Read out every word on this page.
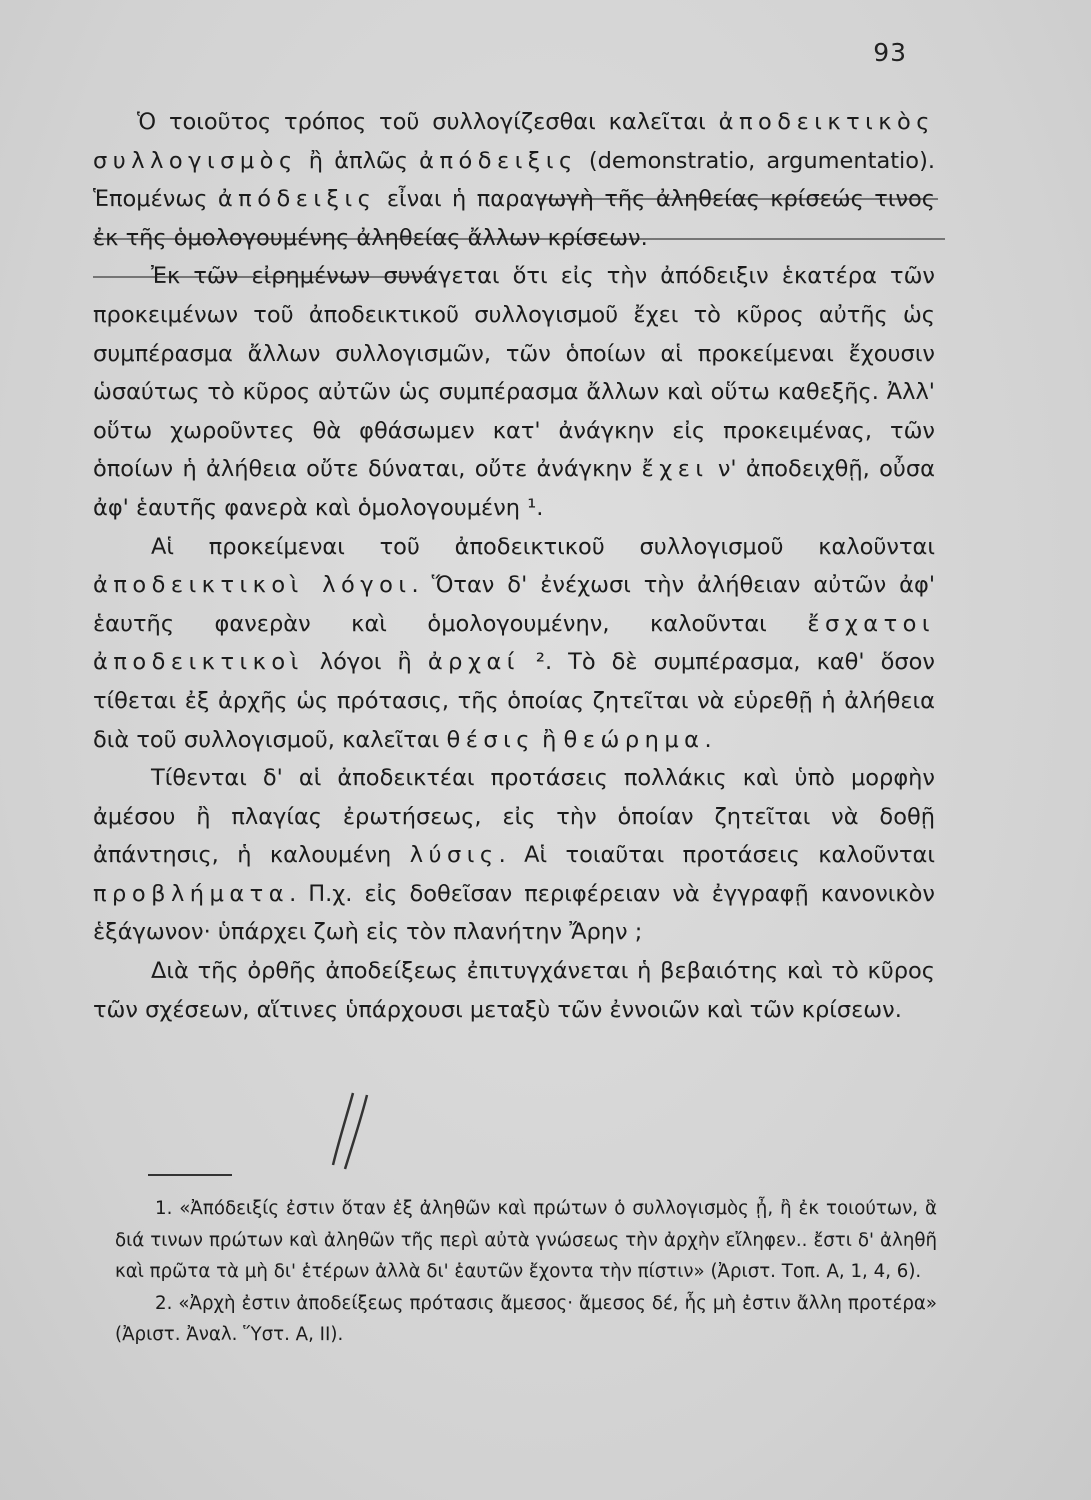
93

Ὁ τοιοῦτος τρόπος τοῦ συλλογίζεσθαι καλεῖται ἀποδεικτικὸς συλλογισμὸς ἢ ἁπλῶς ἀπόδειξις (demonstratio, argumentatio). Ἑπομένως ἀπόδειξις εἶναι ἡ παραγωγὴ τῆς ἀληθείας κρίσεώς τινος ἐκ τῆς ὁμολογουμένης ἀληθείας ἄλλων κρίσεων.

Ἐκ τῶν εἰρημένων συνάγεται ὅτι εἰς τὴν ἀπόδειξιν ἑκατέρα τῶν προκειμένων τοῦ ἀποδεικτικοῦ συλλογισμοῦ ἔχει τὸ κῦρος αὐτῆς ὡς συμπέρασμα ἄλλων συλλογισμῶν, τῶν ὁποίων αἱ προκείμεναι ἔχουσιν ὡσαύτως τὸ κῦρος αὐτῶν ὡς συμπέρασμα ἄλλων καὶ οὕτω καθεξῆς. Ἀλλ' οὕτω χωροῦντες θὰ φθάσωμεν κατ' ἀνάγκην εἰς προκειμένας, τῶν ὁποίων ἡ ἀλήθεια οὔτε δύναται, οὔτε ἀνάγκην ἔχει ν' ἀποδειχθῇ, οὖσα ἀφ' ἑαυτῆς φανερὰ καὶ ὁμολογουμένη ¹.

Αἱ προκείμεναι τοῦ ἀποδεικτικοῦ συλλογισμοῦ καλοῦνται ἀποδεικτικοὶ λόγοι. Ὅταν δ' ἐνέχωσι τὴν ἀλήθειαν αὐτῶν ἀφ' ἑαυτῆς φανερὰν καὶ ὁμολογουμένην, καλοῦνται ἔσχατοι ἀποδεικτικοὶ λόγοι ἢ ἀρχαί ². Τὸ δὲ συμπέρασμα, καθ' ὅσον τίθεται ἐξ ἀρχῆς ὡς πρότασις, τῆς ὁποίας ζητεῖται νὰ εὑρεθῇ ἡ ἀλήθεια διὰ τοῦ συλλογισμοῦ, καλεῖται θέσις ἢ θεώρημα.

Τίθενται δ' αἱ ἀποδεικτέαι προτάσεις πολλάκις καὶ ὑπὸ μορφὴν ἀμέσου ἢ πλαγίας ἐρωτήσεως, εἰς τὴν ὁποίαν ζητεῖται νὰ δοθῇ ἀπάντησις, ἡ καλουμένη λύσις. Αἱ τοιαῦται προτάσεις καλοῦνται προβλήματα. Π.χ. εἰς δοθεῖσαν περιφέρειαν νὰ ἐγγραφῇ κανονικὸν ἑξάγωνον· ὑπάρχει ζωὴ εἰς τὸν πλανήτην Ἄρην ;

Διὰ τῆς ὀρθῆς ἀποδείξεως ἐπιτυγχάνεται ἡ βεβαιότης καὶ τὸ κῦρος τῶν σχέσεων, αἵτινες ὑπάρχουσι μεταξὺ τῶν ἐννοιῶν καὶ τῶν κρίσεων.

1. «Ἀπόδειξίς ἐστιν ὅταν ἐξ ἀληθῶν καὶ πρώτων ὁ συλλογισμὸς ᾖ, ἢ ἐκ τοιούτων, ἃ διά τινων πρώτων καὶ ἀληθῶν τῆς περὶ αὐτὰ γνώσεως τὴν ἀρχὴν εἴληφεν.. ἔστι δ' ἀληθῆ καὶ πρῶτα τὰ μὴ δι' ἑτέρων ἀλλὰ δι' ἑαυτῶν ἔχοντα τὴν πίστιν» (Ἀριστ. Τοπ. Α, 1, 4, 6).

2. «Ἀρχὴ ἐστιν ἀποδείξεως πρότασις ἄμεσος· ἄμεσος δέ, ἧς μὴ ἐστιν ἄλλη προτέρα» (Ἀριστ. Ἀναλ. Ὕστ. Α, ΙΙ).
